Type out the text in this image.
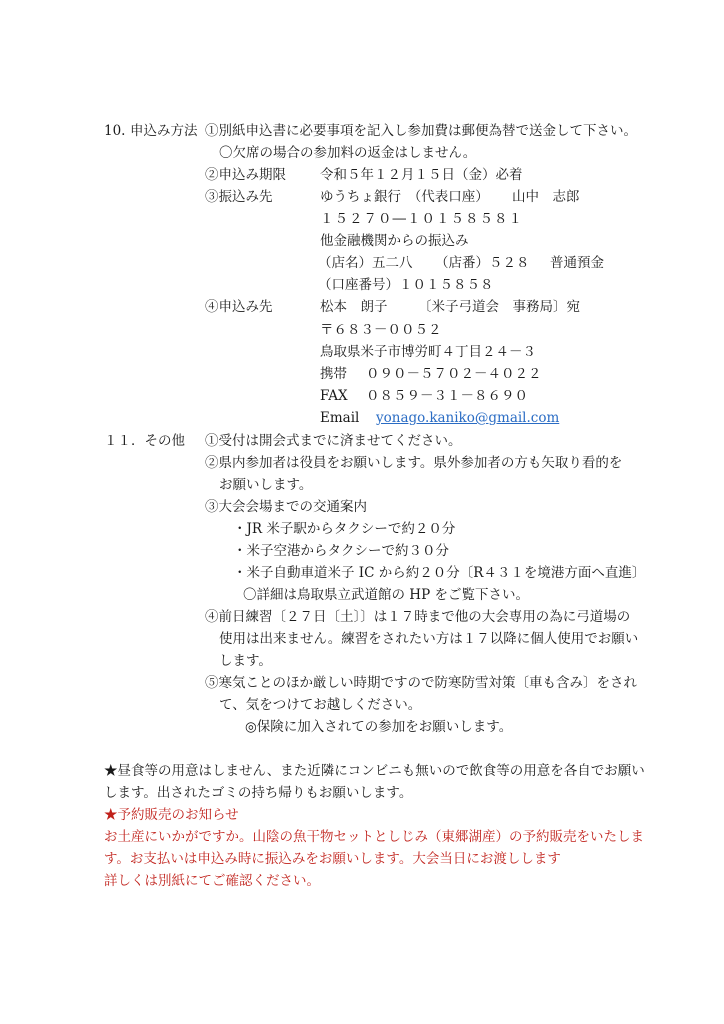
10. 申込み方法 ①別紙申込書に必要事項を記入し参加費は郵便為替で送金して下さい。
〇欠席の場合の参加料の返金はしません。
②申込み期限	令和５年１２月１５日（金）必着
③振込み先	ゆうちょ銀行　（代表口座） 山中　志郎
１５２７０―１０１５８５８１
他金融機関からの振込み
（店名）五二八 （店番）５２８ 普通預金
（口座番号）１０１５８５８
④申込み先	松本　朗子 〔米子弓道会　事務局〕宛
〒６８３－００５２
鳥取県米子市博労町４丁目２４－３
携帯 ０９０－５７０２－４０２２
FAX ０８５９－３１－８６９０
Email yonago.kaniko@gmail.com
１１．その他 ①受付は開会式までに済ませてください。
②県内参加者は役員をお願いします。県外参加者の方も矢取り看的を
お願いします。
③大会会場までの交通案内
・JR 米子駅からタクシーで約２０分
・米子空港からタクシーで約３０分
・米子自動車道米子 IC から約２０分〔R４３１を境港方面へ直進〕
〇詳細は鳥取県立武道館の HP をご覧下さい。
④前日練習〔２７日〔土〕〕は１７時まで他の大会専用の為に弓道場の
使用は出来ません。練習をされたい方は１７以降に個人使用でお願い
します。
⑤寒気ことのほか厳しい時期ですので防寒防雪対策〔車も含み〕をされ
て、気をつけてお越しください。
◎保険に加入されての参加をお願いします。
★昼食等の用意はしません、また近隣にコンビニも無いので飲食等の用意を各自でお願い
します。出されたゴミの持ち帰りもお願いします。
★予約販売のお知らせ
お土産にいかがですか。山陰の魚干物セットとしじみ（東郷湖産）の予約販売をいたしま
す。お支払いは申込み時に振込みをお願いします。大会当日にお渡しします
詳しくは別紙にてご確認ください。
